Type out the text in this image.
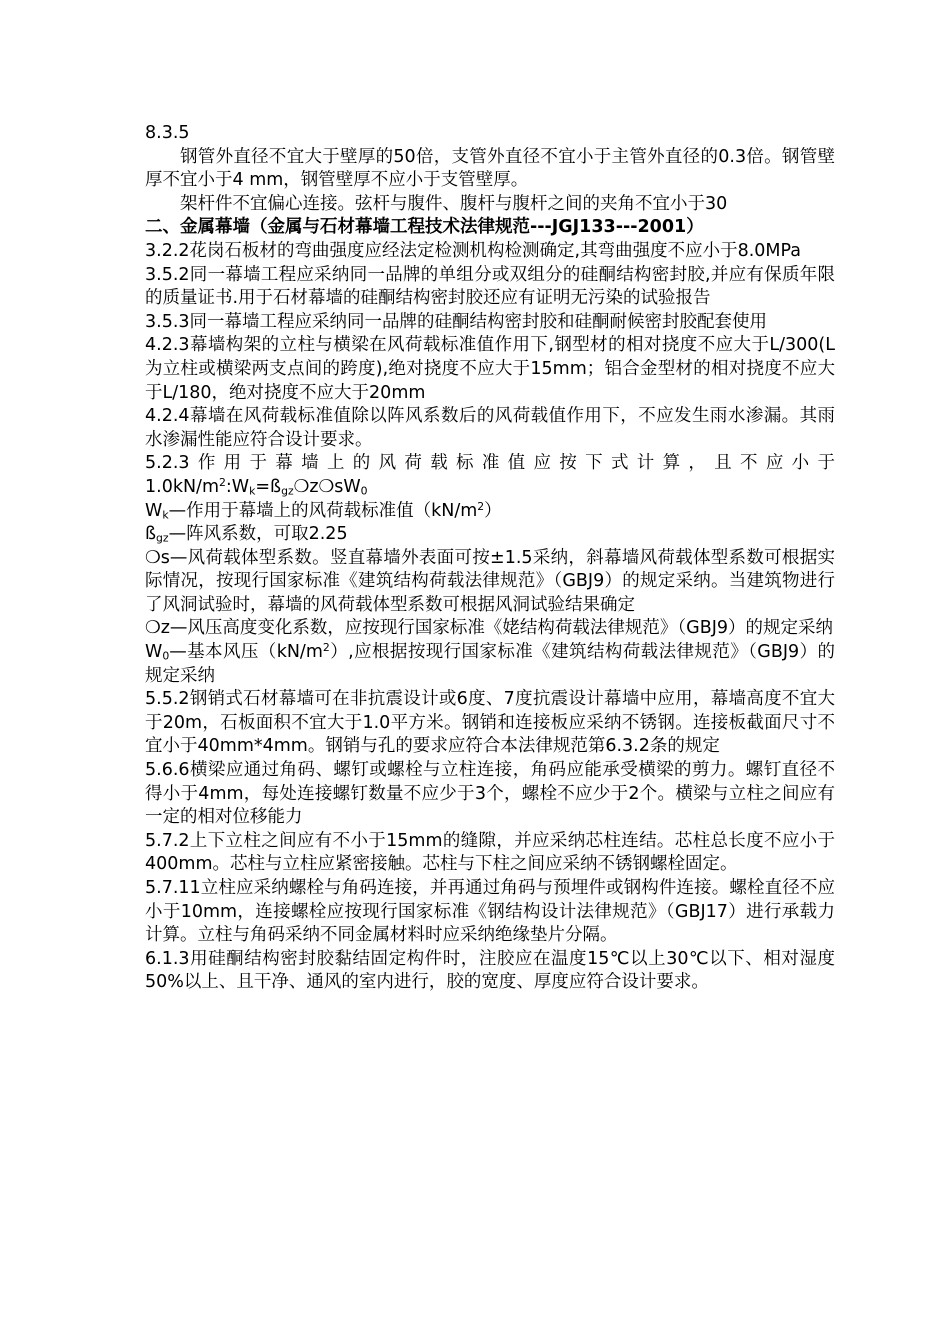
8.3.5

钢管外直径不宜大于壁厚的50倍，支管外直径不宜小于主管外直径的0.3倍。钢管壁厚不宜小于4 mm，钢管壁厚不应小于支管壁厚。

架杆件不宜偏心连接。弦杆与腹件、腹杆与腹杆之间的夹角不宜小于30

二、金属幕墙（金属与石材幕墙工程技术法律规范---JGJ133---2001）

3.2.2花岗石板材的弯曲强度应经法定检测机构检测确定,其弯曲强度不应小于8.0MPa

3.5.2同一幕墙工程应采纳同一品牌的单组分或双组分的硅酮结构密封胶,并应有保质年限的质量证书.用于石材幕墙的硅酮结构密封胶还应有证明无污染的试验报告

3.5.3同一幕墙工程应采纳同一品牌的硅酮结构密封胶和硅酮耐候密封胶配套使用

4.2.3幕墙构架的立柱与横梁在风荷载标准值作用下,钢型材的相对挠度不应大于L/300(L为立柱或横梁两支点间的跨度),绝对挠度不应大于15mm；铝合金型材的相对挠度不应大于L/180，绝对挠度不应大于20mm

4.2.4幕墙在风荷载标准值除以阵风系数后的风荷载值作用下，不应发生雨水渗漏。其雨水渗漏性能应符合设计要求。

5.2.3作用于幕墙上的风荷载标准值应按下式计算，且不应小于$1.0kN/m^2:W_k=ß_{gz}❍z❍sW_0$

$W_k—$作用于幕墙上的风荷载标准值$(kN/m^2)$

$ß_{gz}—$阵风系数，可取2.25

❍s—风荷载体型系数。竖直幕墙外表面可按±1.5采纳，斜幕墙风荷载体型系数可根据实际情况，按现行国家标准《建筑结构荷载法律规范》（GBJ9）的规定采纳。当建筑物进行了风洞试验时，幕墙的风荷载体型系数可根据风洞试验结果确定

❍z—风压高度变化系数，应按现行国家标准《姥结构荷载法律规范》（GBJ9）的规定采纳

$W_0—$基本风压$(kN/m^2)$,应根据按现行国家标准《建筑结构荷载法律规范》（GBJ9）的规定采纳

5.5.2钢销式石材幕墙可在非抗震设计或6度、7度抗震设计幕墙中应用，幕墙高度不宜大于20m，石板面积不宜大于1.0平方米。钢销和连接板应采纳不锈钢。连接板截面尺寸不宜小于40mm*4mm。钢销与孔的要求应符合本法律规范第6.3.2条的规定

5.6.6横梁应通过角码、螺钉或螺栓与立柱连接，角码应能承受横梁的剪力。螺钉直径不得小于4mm，每处连接螺钉数量不应少于3个，螺栓不应少于2个。横梁与立柱之间应有一定的相对位移能力

5.7.2上下立柱之间应有不小于15mm的缝隙，并应采纳芯柱连结。芯柱总长度不应小于400mm。芯柱与立柱应紧密接触。芯柱与下柱之间应采纳不锈钢螺栓固定。

5.7.11立柱应采纳螺栓与角码连接，并再通过角码与预埋件或钢构件连接。螺栓直径不应小于10mm，连接螺栓应按现行国家标准《钢结构设计法律规范》（GBJ17）进行承载力计算。立柱与角码采纳不同金属材料时应采纳绝缘垫片分隔。

6.1.3用硅酮结构密封胶黏结固定构件时，注胶应在温度15℃以上30℃以下、相对湿度50%以上、且干净、通风的室内进行，胶的宽度、厚度应符合设计要求。
